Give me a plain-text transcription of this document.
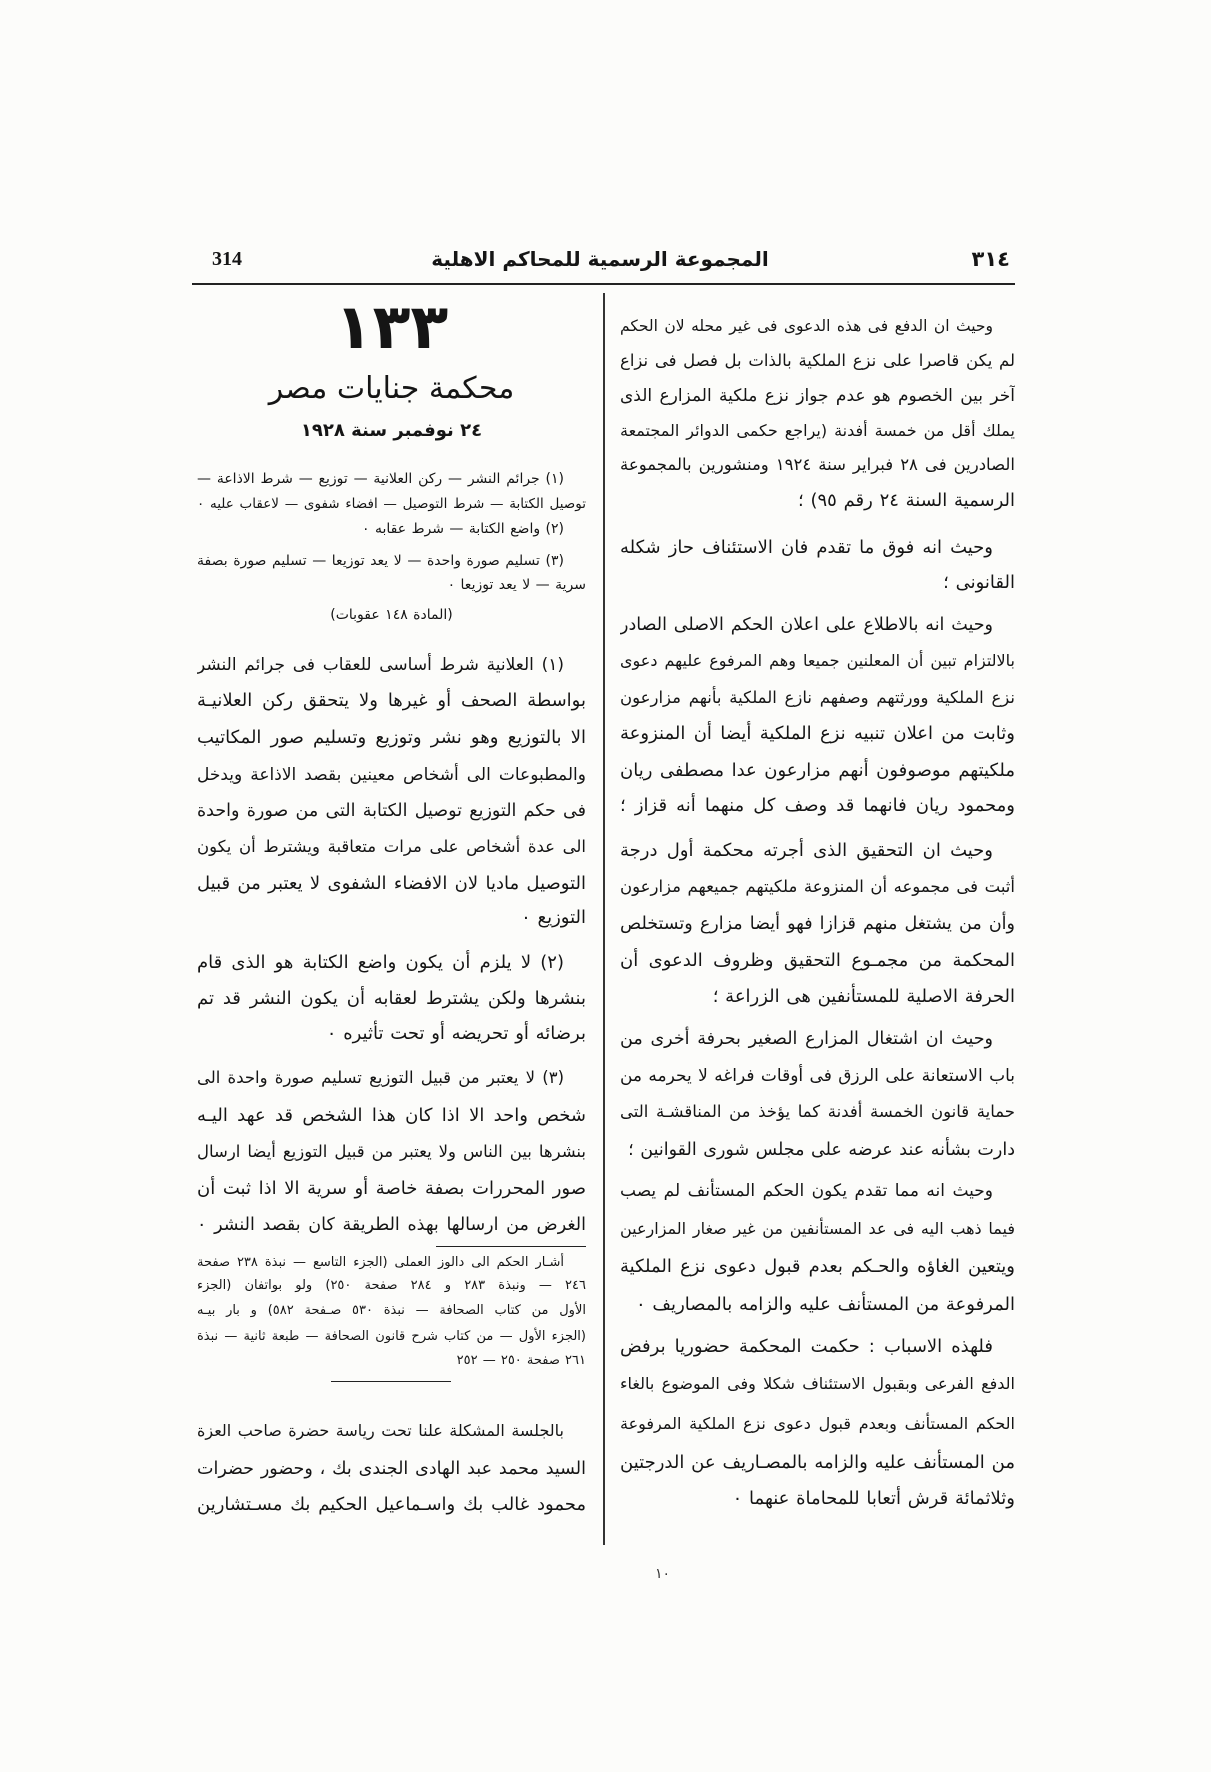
314	المجموعة الرسمية للمحاكم الاهلية	٣١٤
وحيث ان الدفع فى هذه الدعوى فى غير محله لان الحكم
لم يكن قاصرا على نزع الملكية بالذات بل فصل فى نزاع
آخر بين الخصوم هو عدم جواز نزع ملكية المزارع الذى
يملك أقل من خمسة أفدنة (يراجع حكمى الدوائر المجتمعة
الصادرين فى ٢٨ فبراير سنة ١٩٢٤ ومنشورين بالمجموعة
الرسمية السنة ٢٤ رقم ٩٥) ؛
وحيث انه فوق ما تقدم فان الاستئناف حاز شكله
القانونى ؛
وحيث انه بالاطلاع على اعلان الحكم الاصلى الصادر
بالالتزام تبين أن المعلنين جميعا وهم المرفوع عليهم دعوى
نزع الملكية وورثتهم وصفهم نازع الملكية بأنهم مزارعون
وثابت من اعلان تنبيه نزع الملكية أيضا أن المنزوعة
ملكيتهم موصوفون أنهم مزارعون عدا مصطفى ريان
ومحمود ريان فانهما قد وصف كل منهما أنه قزاز ؛
وحيث ان التحقيق الذى أجرته محكمة أول درجة
أثبت فى مجموعه أن المنزوعة ملكيتهم جميعهم مزارعون
وأن من يشتغل منهم قزازا فهو أيضا مزارع وتستخلص
المحكمة من مجمـوع التحقيق وظروف الدعوى أن
الحرفة الاصلية للمستأنفين هى الزراعة ؛
وحيث ان اشتغال المزارع الصغير بحرفة أخرى من
باب الاستعانة على الرزق فى أوقات فراغه لا يحرمه من
حماية قانون الخمسة أفدنة كما يؤخذ من المناقشـة التى
دارت بشأنه عند عرضه على مجلس شورى القوانين ؛
وحيث انه مما تقدم يكون الحكم المستأنف لم يصب
فيما ذهب اليه فى عد المستأنفين من غير صغار المزارعين
ويتعين الغاؤه والحـكم بعدم قبول دعوى نزع الملكية
المرفوعة من المستأنف عليه والزامه بالمصاريف ٠
فلهذه الاسباب : حكمت المحكمة حضوريا برفض
الدفع الفرعى وبقبول الاستئناف شكلا وفى الموضوع بالغاء
الحكم المستأنف وبعدم قبول دعوى نزع الملكية المرفوعة
من المستأنف عليه والزامه بالمصـاريف عن الدرجتين
وثلاثمائة قرش أتعابا للمحاماة عنهما ٠
١٣٣
محكمة جنايات مصر
٢٤ نوفمبر سنة ١٩٢٨
(١) جرائم النشر — ركن العلانية — توزيع — شرط الاذاعة —
توصيل الكتابة — شرط التوصيل — افضاء شفوى — لاعقاب عليه ٠
(٢) واضع الكتابة — شرط عقابه ٠
(٣) تسليم صورة واحدة — لا يعد توزيعا — تسليم صورة بصفة
سرية — لا يعد توزيعا ٠
(المادة ١٤٨ عقوبات)
(١) العلانية شرط أساسى للعقاب فى جرائم النشر
بواسطة الصحف أو غيرها ولا يتحقق ركن العلانيـة
الا بالتوزيع وهو نشر وتوزيع وتسليم صور المكاتيب
والمطبوعات الى أشخاص معينين بقصد الاذاعة ويدخل
فى حكم التوزيع توصيل الكتابة التى من صورة واحدة
الى عدة أشخاص على مرات متعاقبة ويشترط أن يكون
التوصيل ماديا لان الافضاء الشفوى لا يعتبر من قبيل
التوزيع ٠
(٢) لا يلزم أن يكون واضع الكتابة هو الذى قام
بنشرها ولكن يشترط لعقابه أن يكون النشر قد تم
برضائه أو تحريضه أو تحت تأثيره ٠
(٣) لا يعتبر من قبيل التوزيع تسليم صورة واحدة الى
شخص واحد الا اذا كان هذا الشخص قد عهد اليـه
بنشرها بين الناس ولا يعتبر من قبيل التوزيع أيضا ارسال
صور المحررات بصفة خاصة أو سرية الا اذا ثبت أن
الغرض من ارسالها بهذه الطريقة كان بقصد النشر ٠
أشـار الحكم الى دالوز العملى (الجزء التاسع — نبذة ٢٣٨ صفحة
٢٤٦ — ونبذة ٢٨٣ و ٢٨٤ صفحة ٢٥٠) ولو بواتفان (الجزء
الأول من كتاب الصحافة — نبذة ٥٣٠ صـفحة ٥٨٢) و بار بيـه
(الجزء الأول — من كتاب شرح قانون الصحافة — طبعة ثانية — نبذة
٢٦١ صفحة ٢٥٠ — ٢٥٢
بالجلسة المشكلة علنا تحت رياسة حضرة صاحب العزة
السيد محمد عبد الهادى الجندى بك ، وحضور حضرات
محمود غالب بك واسـماعيل الحكيم بك مسـتشارين
١٠
